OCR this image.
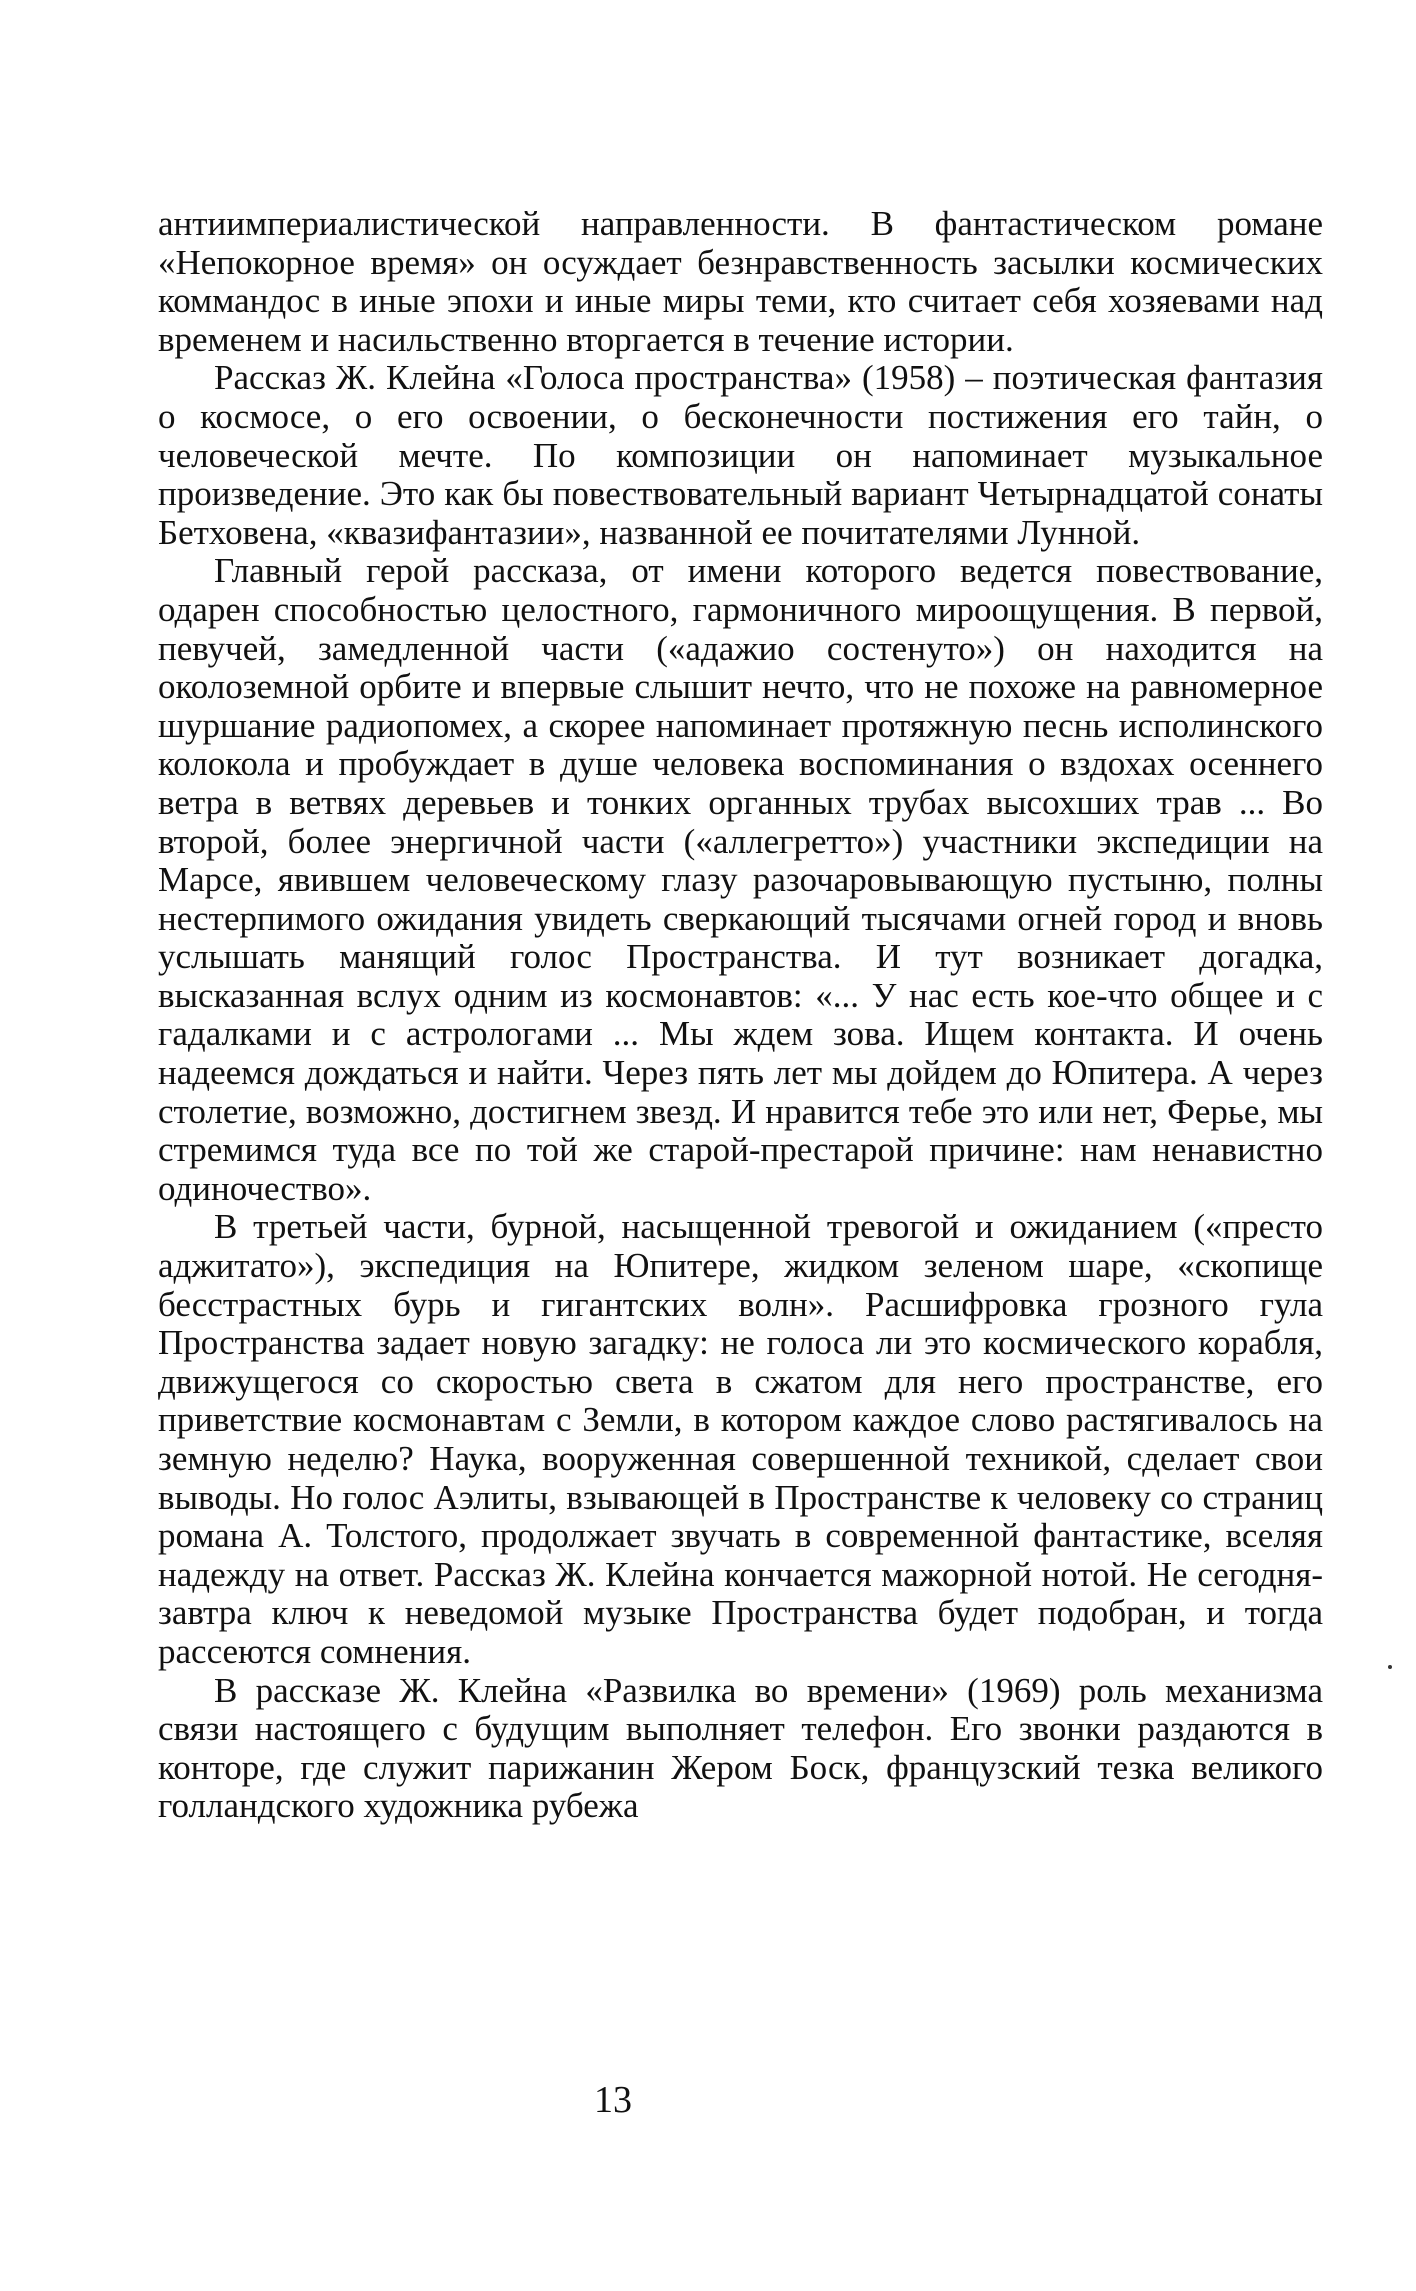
антиимпериалистической направленности. В фантастическом романе «Непокорное время» он осуждает безнравственность засылки космических коммандос в иные эпохи и иные миры теми, кто считает себя хозяевами над временем и насильственно вторгается в течение истории.

Рассказ Ж. Клейна «Голоса пространства» (1958) – поэтическая фантазия о космосе, о его освоении, о бесконечности постижения его тайн, о человеческой мечте. По композиции он напоминает музыкальное произведение. Это как бы повествовательный вариант Четырнадцатой сонаты Бетховена, «квазифантазии», названной ее почитателями Лунной.

Главный герой рассказа, от имени которого ведется повествование, одарен способностью целостного, гармоничного мироощущения. В первой, певучей, замедленной части («адажио состенуто») он находится на околоземной орбите и впервые слышит нечто, что не похоже на равномерное шуршание радиопомех, а скорее напоминает протяжную песнь исполинского колокола и пробуждает в душе человека воспоминания о вздохах осеннего ветра в ветвях деревьев и тонких органных трубах высохших трав ... Во второй, более энергичной части («аллегретто») участники экспедиции на Марсе, явившем человеческому глазу разочаровывающую пустыню, полны нестерпимого ожидания увидеть сверкающий тысячами огней город и вновь услышать манящий голос Пространства. И тут возникает догадка, высказанная вслух одним из космонавтов: «... У нас есть кое-что общее и с гадалками и с астрологами ... Мы ждем зова. Ищем контакта. И очень надеемся дождаться и найти. Через пять лет мы дойдем до Юпитера. А через столетие, возможно, достигнем звезд. И нравится тебе это или нет, Ферье, мы стремимся туда все по той же старой-престарой причине: нам ненавистно одиночество».

В третьей части, бурной, насыщенной тревогой и ожиданием («престо аджитато»), экспедиция на Юпитере, жидком зеленом шаре, «скопище бесстрастных бурь и гигантских волн». Расшифровка грозного гула Пространства задает новую загадку: не голоса ли это космического корабля, движущегося со скоростью света в сжатом для него пространстве, его приветствие космонавтам с Земли, в котором каждое слово растягивалось на земную неделю? Наука, вооруженная совершенной техникой, сделает свои выводы. Но голос Аэлиты, взывающей в Пространстве к человеку со страниц романа А. Толстого, продолжает звучать в современной фантастике, вселяя надежду на ответ. Рассказ Ж. Клейна кончается мажорной нотой. Не сегодня-завтра ключ к неведомой музыке Пространства будет подобран, и тогда рассеются сомнения.

В рассказе Ж. Клейна «Развилка во времени» (1969) роль механизма связи настоящего с будущим выполняет телефон. Его звонки раздаются в конторе, где служит парижанин Жером Боск, французский тезка великого голландского художника рубежа

13
